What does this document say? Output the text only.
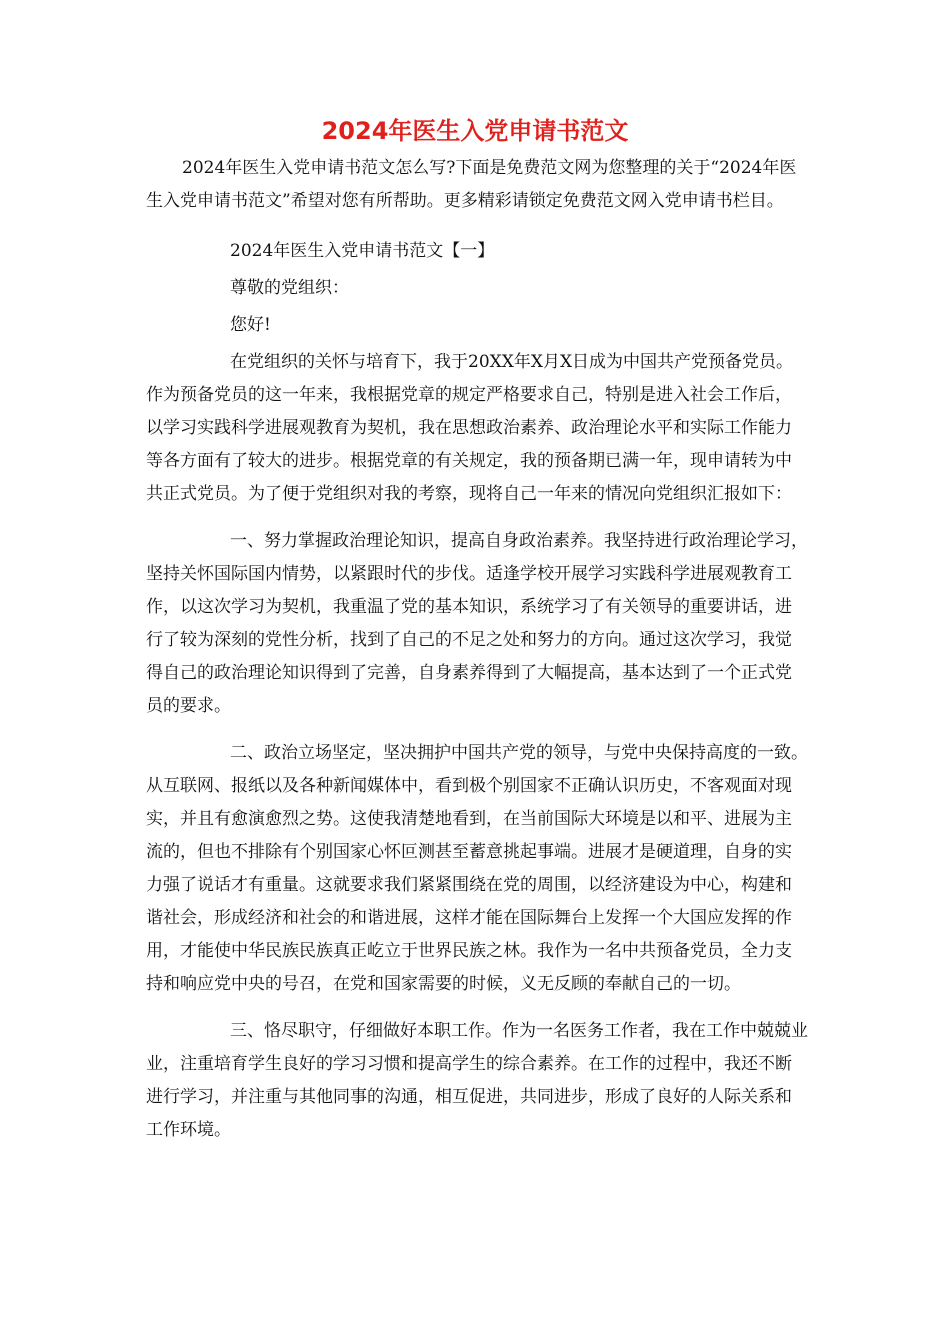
2024年医生入党申请书范文

2024年医生入党申请书范文怎么写?下面是免费范文网为您整理的关于“2024年医生入党申请书范文”希望对您有所帮助。更多精彩请锁定免费范文网入党申请书栏目。

2024年医生入党申请书范文【一】

尊敬的党组织：

您好!

在党组织的关怀与培育下，我于20XX年X月X日成为中国共产党预备党员。作为预备党员的这一年来，我根据党章的规定严格要求自己，特别是进入社会工作后，以学习实践科学进展观教育为契机，我在思想政治素养、政治理论水平和实际工作能力等各方面有了较大的进步。根据党章的有关规定，我的预备期已满一年，现申请转为中共正式党员。为了便于党组织对我的考察，现将自己一年来的情况向党组织汇报如下：

一、努力掌握政治理论知识，提高自身政治素养。我坚持进行政治理论学习，坚持关怀国际国内情势，以紧跟时代的步伐。适逢学校开展学习实践科学进展观教育工作，以这次学习为契机，我重温了党的基本知识，系统学习了有关领导的重要讲话，进行了较为深刻的党性分析，找到了自己的不足之处和努力的方向。通过这次学习，我觉得自己的政治理论知识得到了完善，自身素养得到了大幅提高，基本达到了一个正式党员的要求。

二、政治立场坚定，坚决拥护中国共产党的领导，与党中央保持高度的一致。从互联网、报纸以及各种新闻媒体中，看到极个别国家不正确认识历史，不客观面对现实，并且有愈演愈烈之势。这使我清楚地看到，在当前国际大环境是以和平、进展为主流的，但也不排除有个别国家心怀叵测甚至蓄意挑起事端。进展才是硬道理，自身的实力强了说话才有重量。这就要求我们紧紧围绕在党的周围，以经济建设为中心，构建和谐社会，形成经济和社会的和谐进展，这样才能在国际舞台上发挥一个大国应发挥的作用，才能使中华民族民族真正屹立于世界民族之林。我作为一名中共预备党员，全力支持和响应党中央的号召，在党和国家需要的时候，义无反顾的奉献自己的一切。

三、恪尽职守，仔细做好本职工作。作为一名医务工作者，我在工作中兢兢业业，注重培育学生良好的学习习惯和提高学生的综合素养。在工作的过程中，我还不断进行学习，并注重与其他同事的沟通，相互促进，共同进步，形成了良好的人际关系和工作环境。
